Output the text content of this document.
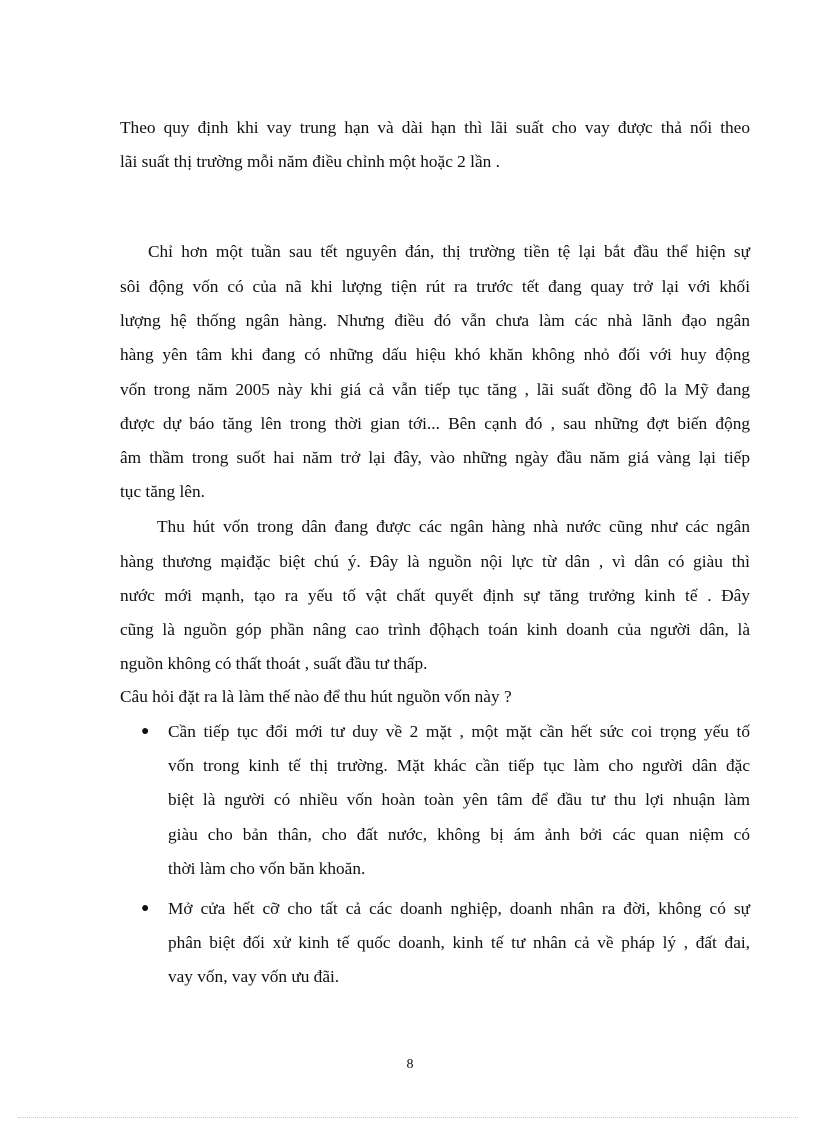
Theo quy định khi vay trung hạn và dài hạn thì lãi suất cho vay được thả nổi theo

lãi suất thị trường mỗi năm điều chỉnh một hoặc 2 lần .

Chỉ hơn một tuần sau tết nguyên đán, thị trường tiền tệ lại bắt đầu thể hiện sự

sôi động vốn có của nã khi lượng tiện rút ra trước tết đang quay trở lại với khối

lượng hệ thống ngân hàng. Nhưng điều đó vẫn chưa làm các nhà lãnh đạo ngân

hàng yên tâm khi đang có những dấu hiệu khó khăn không nhỏ đối với huy động

vốn trong năm 2005 này khi giá cả vẫn tiếp tục tăng , lãi suất đồng đô la Mỹ đang

được dự báo tăng lên trong thời gian tới... Bên cạnh đó , sau những đợt biến động

âm thầm trong suốt hai năm trở lại đây, vào những ngày đầu năm giá vàng lại tiếp

tục tăng lên.

Thu hút vốn trong dân đang được các ngân hàng nhà nước cũng như các ngân

hàng thương mạiđặc biệt chú ý. Đây là nguồn nội lực từ dân , vì dân có giàu thì

nước mới mạnh, tạo ra yếu tố vật chất quyết định sự tăng trưởng kinh tế . Đây

cũng là nguồn góp phần nâng cao trình độhạch toán kinh doanh của người dân, là

nguồn không có thất thoát , suất đầu tư thấp.

Câu hỏi đặt ra là làm thế nào để thu hút nguồn vốn này ?

●	Cần tiếp tục đổi mới tư duy về 2 mặt , một mặt cần hết sức coi trọng yếu tố

vốn trong kinh tế thị trường. Mặt khác cần tiếp tục làm cho người dân đặc

biệt là người có nhiều vốn hoàn toàn yên tâm để đầu tư thu lợi nhuận làm

giàu cho bản thân, cho đất nước, không bị ám ảnh bởi các quan niệm có

thời làm cho vốn băn khoăn.

●	Mở cửa hết cỡ cho tất cả các doanh nghiệp, doanh nhân ra đời, không có sự

phân biệt đối xử kinh tế quốc doanh, kinh tế tư nhân cả về pháp lý , đất đai,

vay vốn, vay vốn ưu đãi.

8
